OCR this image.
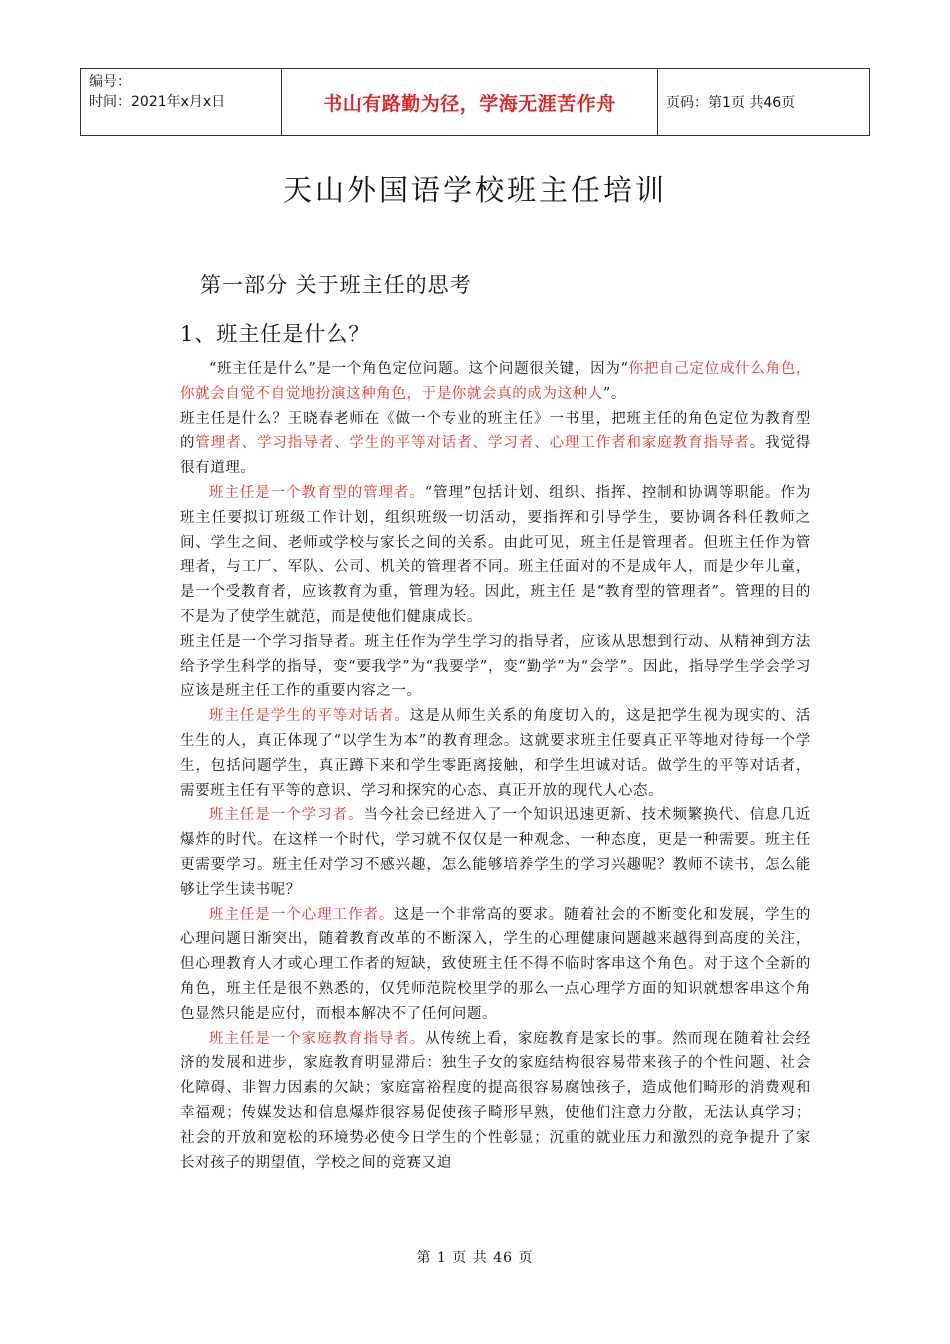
编号：
时间：2021年x月x日	书山有路勤为径，学海无涯苦作舟	页码：第1页 共46页
天山外国语学校班主任培训
第一部分 关于班主任的思考
1、班主任是什么？

“班主任是什么”是一个角色定位问题。这个问题很关键，因为“你把自己定位成什么角色，你就会自觉不自觉地扮演这种角色，于是你就会真的成为这种人”。

班主任是什么？王晓春老师在《做一个专业的班主任》一书里，把班主任的角色定位为教育型的管理者、学习指导者、学生的平等对话者、学习者、心理工作者和家庭教育指导者。我觉得很有道理。

班主任是一个教育型的管理者。“管理”包括计划、组织、指挥、控制和协调等职能。作为班主任要拟订班级工作计划，组织班级一切活动，要指挥和引导学生，要协调各科任教师之间、学生之间、老师或学校与家长之间的关系。由此可见，班主任是管理者。但班主任作为管理者，与工厂、军队、公司、机关的管理者不同。班主任面对的不是成年人，而是少年儿童，是一个受教育者，应该教育为重，管理为轻。因此，班主任 是“教育型的管理者”。管理的目的不是为了使学生就范，而是使他们健康成长。

班主任是一个学习指导者。班主任作为学生学习的指导者，应该从思想到行动、从精神到方法给予学生科学的指导，变“要我学”为“我要学”，变“勤学”为“会学”。因此，指导学生学会学习应该是班主任工作的重要内容之一。

班主任是学生的平等对话者。这是从师生关系的角度切入的，这是把学生视为现实的、活生生的人，真正体现了“以学生为本”的教育理念。这就要求班主任要真正平等地对待每一个学生，包括问题学生，真正蹲下来和学生零距离接触，和学生坦诚对话。做学生的平等对话者，需要班主任有平等的意识、学习和探究的心态、真正开放的现代人心态。

班主任是一个学习者。当今社会已经进入了一个知识迅速更新、技术频繁换代、信息几近爆炸的时代。在这样一个时代，学习就不仅仅是一种观念、一种态度，更是一种需要。班主任更需要学习。班主任对学习不感兴趣，怎么能够培养学生的学习兴趣呢？教师不读书，怎么能够让学生读书呢？

班主任是一个心理工作者。这是一个非常高的要求。随着社会的不断变化和发展，学生的心理问题日渐突出，随着教育改革的不断深入，学生的心理健康问题越来越得到高度的关注，但心理教育人才或心理工作者的短缺，致使班主任不得不临时客串这个角色。对于这个全新的角色，班主任是很不熟悉的，仅凭师范院校里学的那么一点心理学方面的知识就想客串这个角色显然只能是应付，而根本解决不了任何问题。

班主任是一个家庭教育指导者。从传统上看，家庭教育是家长的事。然而现在随着社会经济的发展和进步，家庭教育明显滞后：独生子女的家庭结构很容易带来孩子的个性问题、社会化障碍、非智力因素的欠缺；家庭富裕程度的提高很容易腐蚀孩子，造成他们畸形的消费观和幸福观；传媒发达和信息爆炸很容易促使孩子畸形早熟，使他们注意力分散，无法认真学习；社会的开放和宽松的环境势必使今日学生的个性彰显；沉重的就业压力和激烈的竞争提升了家长对孩子的期望值，学校之间的竞赛又迫

第 1 页 共 46 页
